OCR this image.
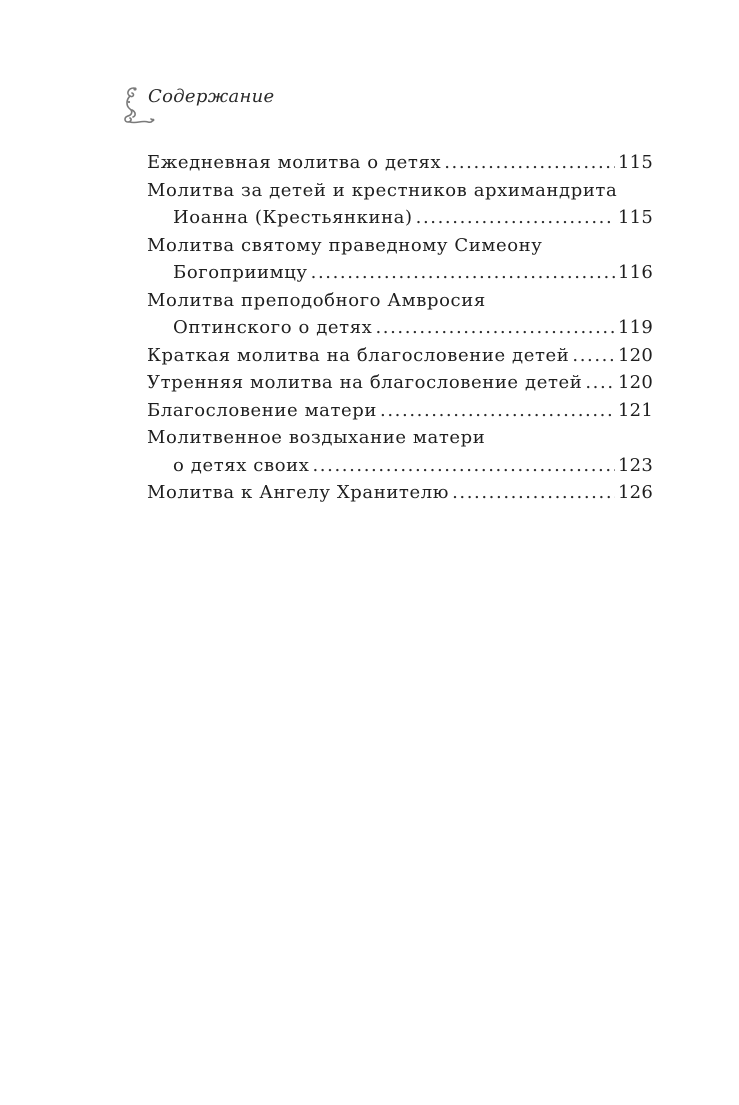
Содержание
Ежедневная молитва о детях .....	115
Молитва за детей и крестников архимандрита
Иоанна (Крестьянкина) .....	115
Молитва святому праведному Симеону
Богоприимцу .....	116
Молитва преподобного Амвросия
Оптинского о детях .....	119
Краткая молитва на благословение детей .....	120
Утренняя молитва на благословение детей ..... 120
Благословение матери .....	121
Молитвенное воздыхание матери
о детях своих .....	123
Молитва к Ангелу Хранителю .....	126
